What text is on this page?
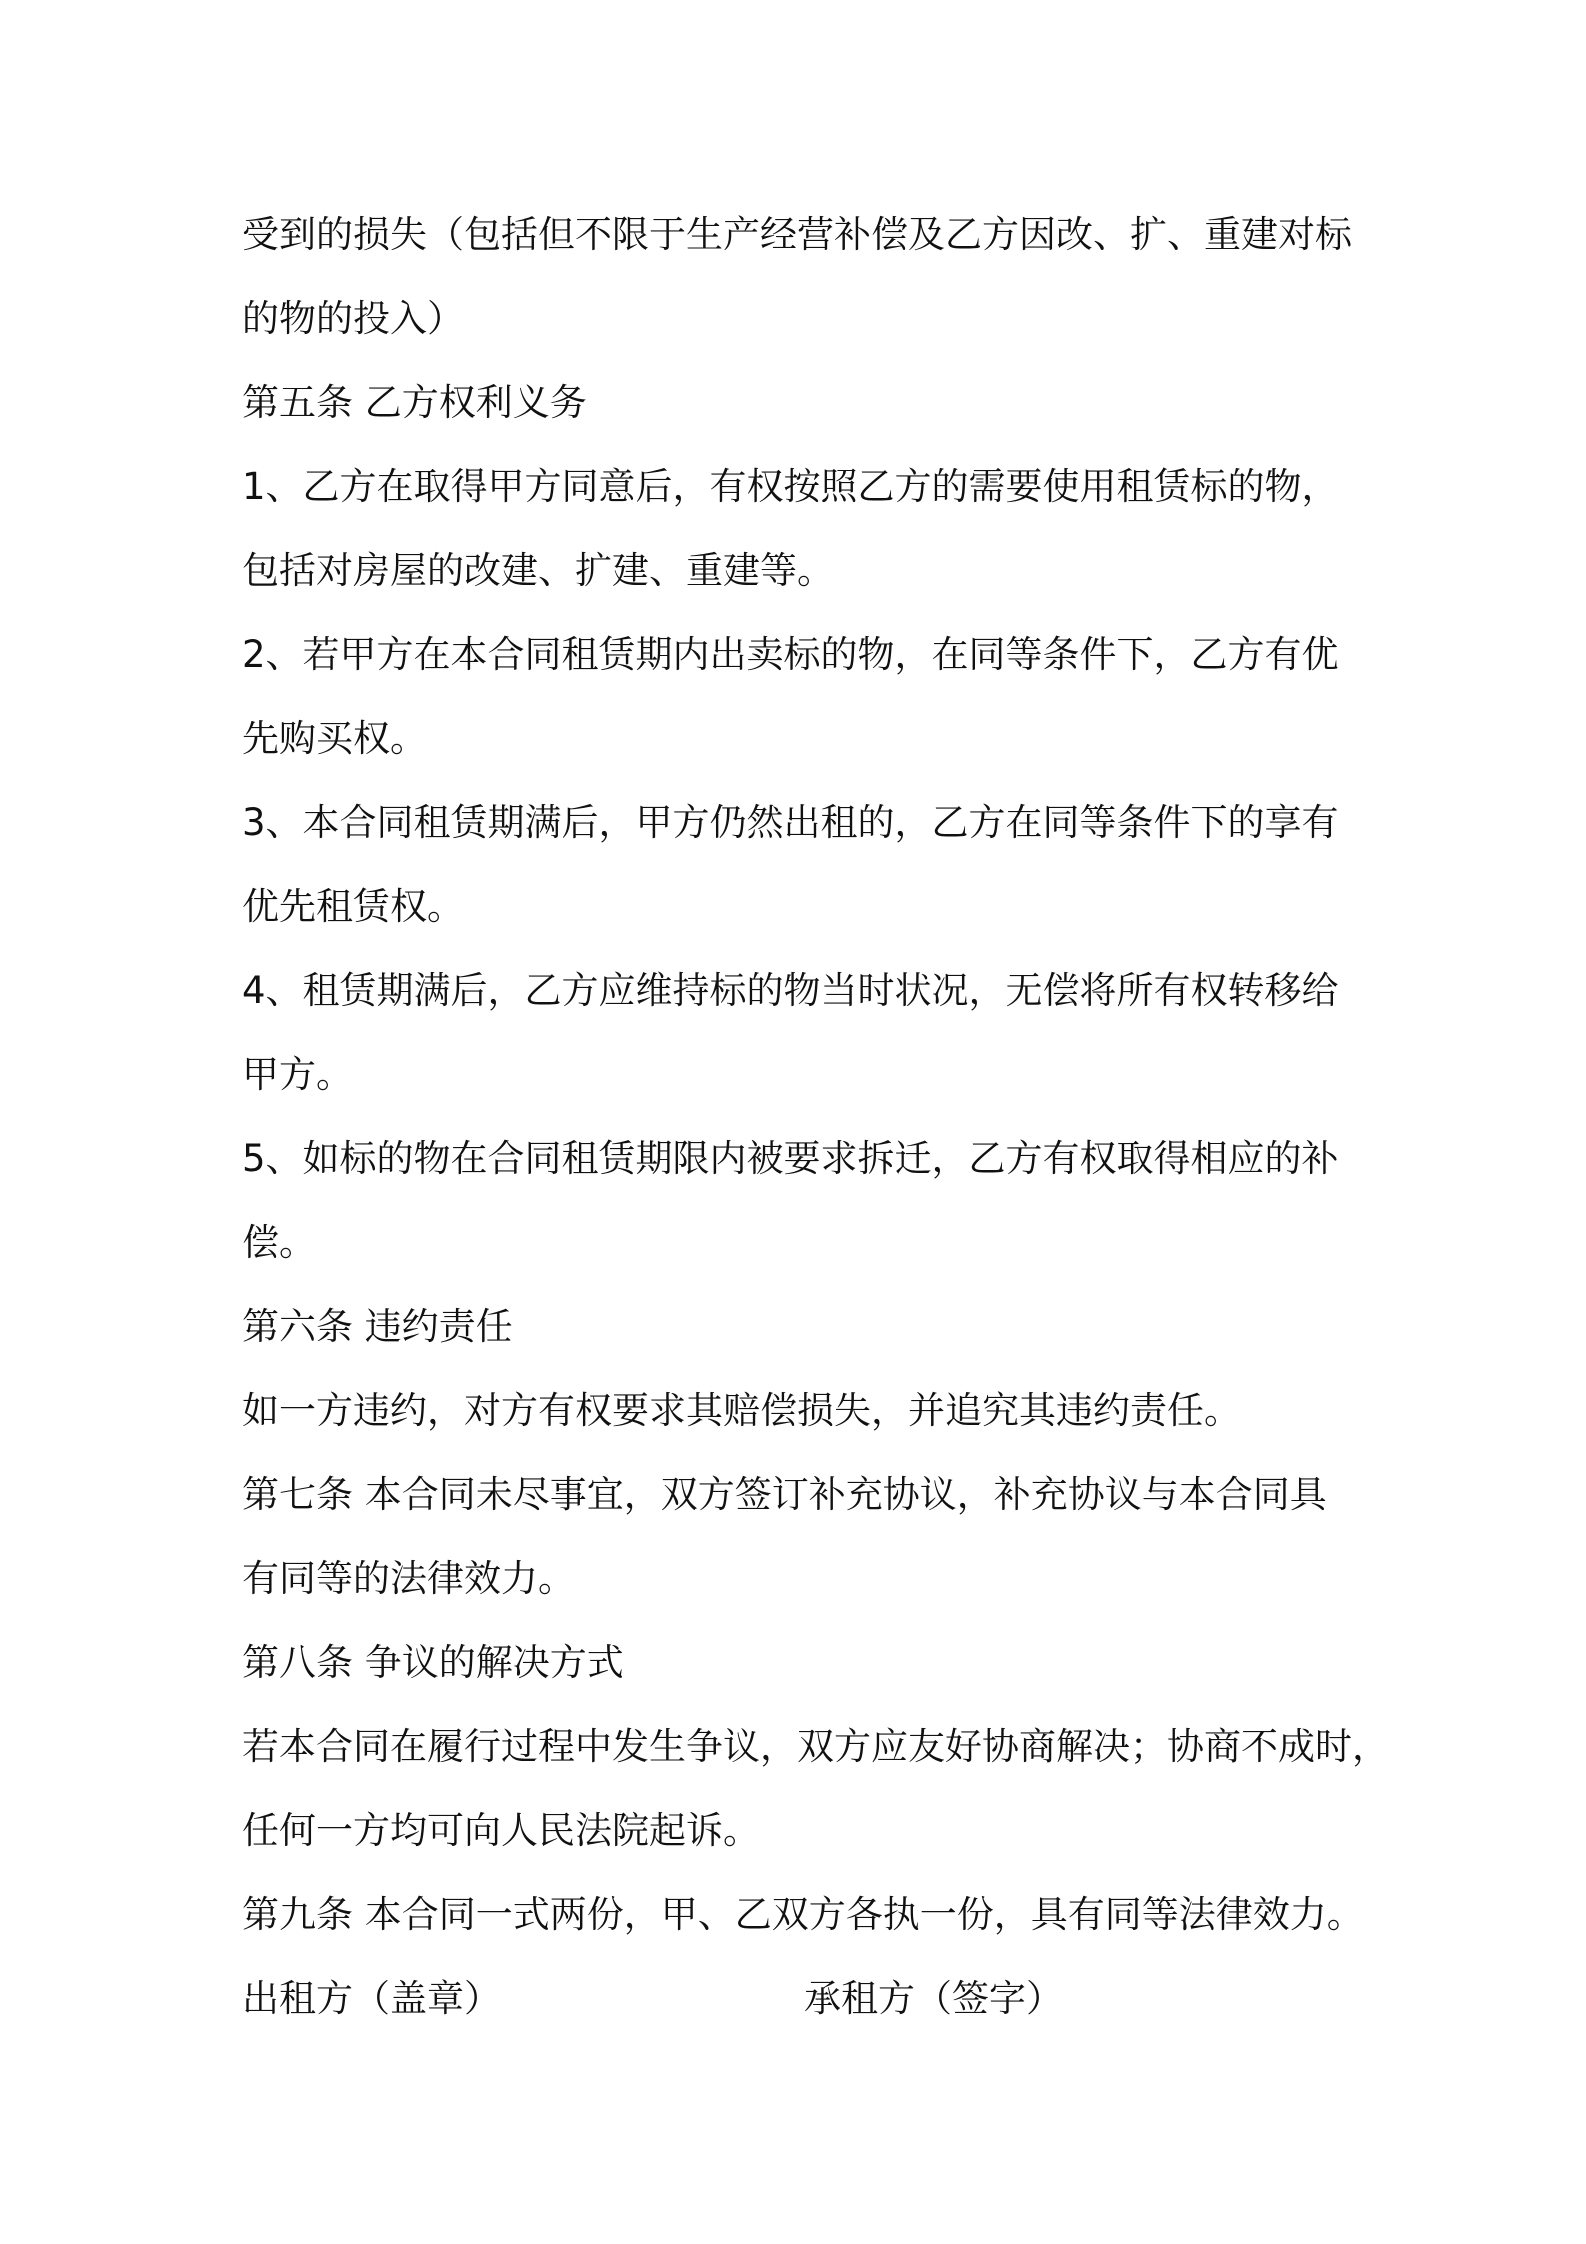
受到的损失（包括但不限于生产经营补偿及乙方因改、扩、重建对标
的物的投入）
第五条 乙方权利义务
1、乙方在取得甲方同意后，有权按照乙方的需要使用租赁标的物，
包括对房屋的改建、扩建、重建等。
2、若甲方在本合同租赁期内出卖标的物，在同等条件下，乙方有优
先购买权。
3、本合同租赁期满后，甲方仍然出租的，乙方在同等条件下的享有
优先租赁权。
4、租赁期满后，乙方应维持标的物当时状况，无偿将所有权转移给
甲方。
5、如标的物在合同租赁期限内被要求拆迁，乙方有权取得相应的补
偿。
第六条 违约责任
如一方违约，对方有权要求其赔偿损失，并追究其违约责任。
第七条 本合同未尽事宜，双方签订补充协议，补充协议与本合同具
有同等的法律效力。
第八条 争议的解决方式
若本合同在履行过程中发生争议，双方应友好协商解决；协商不成时，
任何一方均可向人民法院起诉。
第九条 本合同一式两份，甲、乙双方各执一份，具有同等法律效力。
出租方（盖章）	承租方（签字）
